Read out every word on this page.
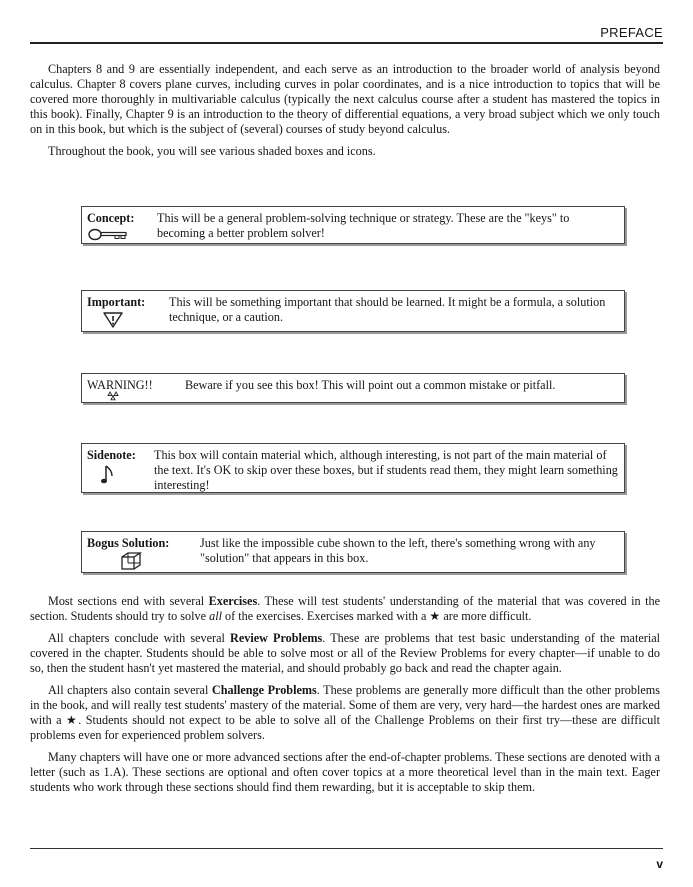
PREFACE

Chapters 8 and 9 are essentially independent, and each serve as an introduction to the broader world of analysis beyond calculus. Chapter 8 covers plane curves, including curves in polar coordinates, and is a nice introduction to topics that will be covered more thoroughly in multivariable calculus (typically the next calculus course after a student has mastered the topics in this book). Finally, Chapter 9 is an introduction to the theory of differential equations, a very broad subject which we only touch on in this book, but which is the subject of (several) courses of study beyond calculus.

Throughout the book, you will see various shaded boxes and icons.

Concept: This will be a general problem-solving technique or strategy. These are the "keys" to becoming a better problem solver!
Important: This will be something important that should be learned. It might be a formula, a solution technique, or a caution.
WARNING!!	Beware if you see this box! This will point out a common mistake or pitfall.
Sidenote: This box will contain material which, although interesting, is not part of the main material of the text. It's OK to skip over these boxes, but if students read them, they might learn something interesting!
Bogus Solution:	Just like the impossible cube shown to the left, there's something wrong with any "solution" that appears in this box.

Most sections end with several Exercises. These will test students' understanding of the material that was covered in the section. Students should try to solve all of the exercises. Exercises marked with a ★ are more difficult.

All chapters conclude with several Review Problems. These are problems that test basic understanding of the material covered in the chapter. Students should be able to solve most or all of the Review Problems for every chapter—if unable to do so, then the student hasn't yet mastered the material, and should probably go back and read the chapter again.

All chapters also contain several Challenge Problems. These problems are generally more difficult than the other problems in the book, and will really test students' mastery of the material. Some of them are very, very hard—the hardest ones are marked with a ★. Students should not expect to be able to solve all of the Challenge Problems on their first try—these are difficult problems even for experienced problem solvers.

Many chapters will have one or more advanced sections after the end-of-chapter problems. These sections are denoted with a letter (such as 1.A). These sections are optional and often cover topics at a more theoretical level than in the main text. Eager students who work through these sections should find them rewarding, but it is acceptable to skip them.

v
